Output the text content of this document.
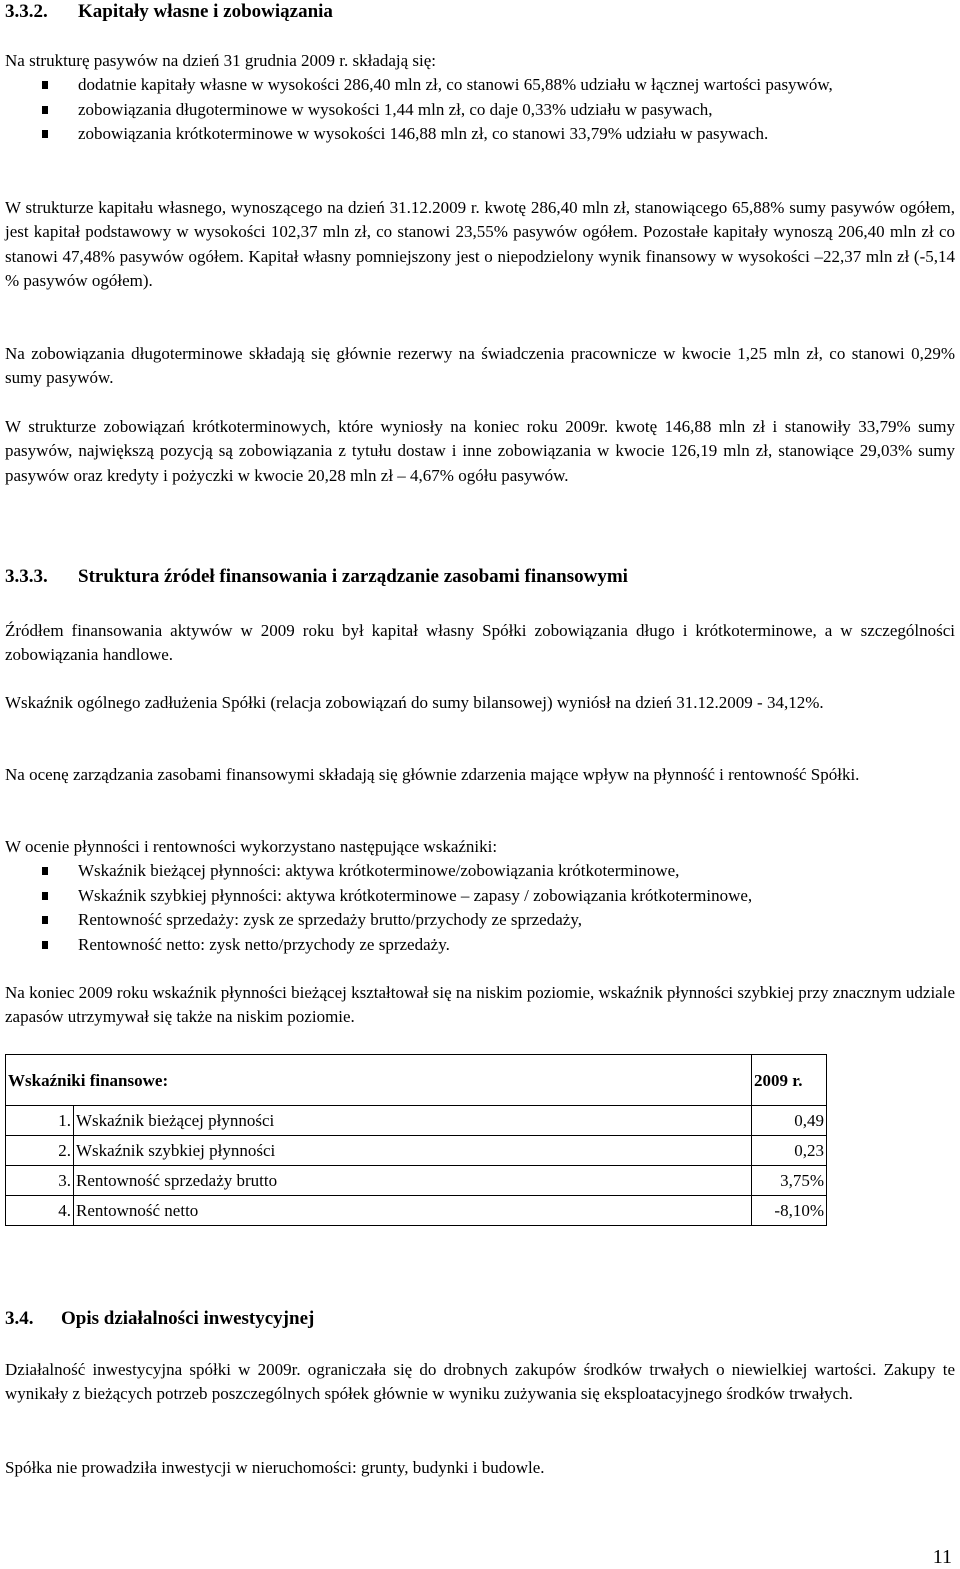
3.3.2. Kapitały własne i zobowiązania

Na strukturę pasywów na dzień 31 grudnia 2009 r. składają się:

dodatnie kapitały własne w wysokości 286,40 mln zł, co stanowi 65,88% udziału w łącznej wartości pasywów,
zobowiązania długoterminowe w wysokości 1,44 mln zł, co daje 0,33% udziału w pasywach,
zobowiązania krótkoterminowe w wysokości 146,88 mln zł, co stanowi 33,79% udziału w pasywach.

W strukturze kapitału własnego, wynoszącego na dzień 31.12.2009 r. kwotę 286,40 mln zł, stanowiącego 65,88% sumy pasywów ogółem, jest kapitał podstawowy w wysokości 102,37 mln zł, co stanowi 23,55% pasywów ogółem. Pozostałe kapitały wynoszą 206,40 mln zł co stanowi 47,48% pasywów ogółem. Kapitał własny pomniejszony jest o niepodzielony wynik finansowy w wysokości –22,37 mln zł (-5,14 % pasywów ogółem).

Na zobowiązania długoterminowe składają się głównie rezerwy na świadczenia pracownicze w kwocie 1,25 mln zł, co stanowi 0,29% sumy pasywów.

W strukturze zobowiązań krótkoterminowych, które wyniosły na koniec roku 2009r. kwotę 146,88 mln zł i stanowiły 33,79% sumy pasywów, największą pozycją są zobowiązania z tytułu dostaw i inne zobowiązania w kwocie 126,19 mln zł, stanowiące 29,03% sumy pasywów oraz kredyty i pożyczki w kwocie 20,28 mln zł – 4,67% ogółu pasywów.

3.3.3. Struktura źródeł finansowania i zarządzanie zasobami finansowymi

Źródłem finansowania aktywów w 2009 roku był kapitał własny Spółki zobowiązania długo i krótkoterminowe, a w szczególności zobowiązania handlowe.

Wskaźnik ogólnego zadłużenia Spółki (relacja zobowiązań do sumy bilansowej) wyniósł na dzień 31.12.2009 - 34,12%.

Na ocenę zarządzania zasobami finansowymi składają się głównie zdarzenia mające wpływ na płynność i rentowność Spółki.

W ocenie płynności i rentowności wykorzystano następujące wskaźniki:

Wskaźnik bieżącej płynności: aktywa krótkoterminowe/zobowiązania krótkoterminowe,
Wskaźnik szybkiej płynności: aktywa krótkoterminowe – zapasy / zobowiązania krótkoterminowe,
Rentowność sprzedaży: zysk ze sprzedaży brutto/przychody ze sprzedaży,
Rentowność netto: zysk netto/przychody ze sprzedaży.

Na koniec 2009 roku wskaźnik płynności bieżącej kształtował się na niskim poziomie, wskaźnik płynności szybkiej przy znacznym udziale zapasów utrzymywał się także na niskim poziomie.

Wskaźniki finansowe:		2009 r.
1.	Wskaźnik bieżącej płynności	0,49
2.	Wskaźnik szybkiej płynności	0,23
3.	Rentowność sprzedaży brutto	3,75%
4.	Rentowność netto	-8,10%
3.4. Opis działalności inwestycyjnej

Działalność inwestycyjna spółki w 2009r. ograniczała się do drobnych zakupów środków trwałych o niewielkiej wartości. Zakupy te wynikały z bieżących potrzeb poszczególnych spółek głównie w wyniku zużywania się eksploatacyjnego środków trwałych.

Spółka nie prowadziła inwestycji w nieruchomości: grunty, budynki i budowle.

11
